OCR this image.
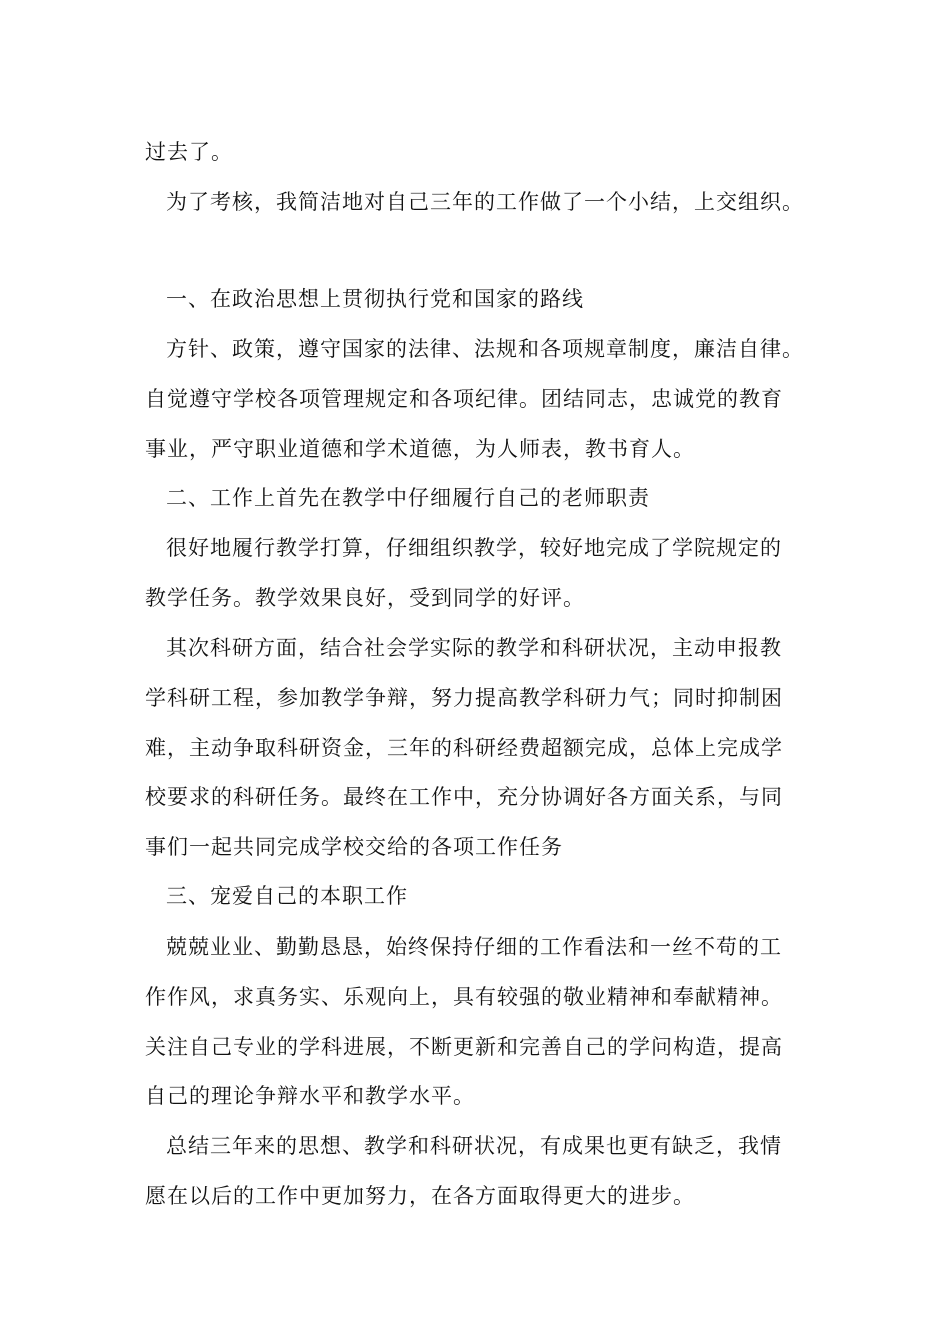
过去了。
为了考核，我简洁地对自己三年的工作做了一个小结，上交组织。
一、在政治思想上贯彻执行党和国家的路线
方针、政策，遵守国家的法律、法规和各项规章制度，廉洁自律。
自觉遵守学校各项管理规定和各项纪律。团结同志，忠诚党的教育
事业，严守职业道德和学术道德，为人师表，教书育人。
二、工作上首先在教学中仔细履行自己的老师职责
很好地履行教学打算，仔细组织教学，较好地完成了学院规定的
教学任务。教学效果良好，受到同学的好评。
其次科研方面，结合社会学实际的教学和科研状况，主动申报教
学科研工程，参加教学争辩，努力提高教学科研力气；同时抑制困
难，主动争取科研资金，三年的科研经费超额完成，总体上完成学
校要求的科研任务。最终在工作中，充分协调好各方面关系，与同
事们一起共同完成学校交给的各项工作任务
三、宠爱自己的本职工作
兢兢业业、勤勤恳恳，始终保持仔细的工作看法和一丝不苟的工
作作风，求真务实、乐观向上，具有较强的敬业精神和奉献精神。
关注自己专业的学科进展，不断更新和完善自己的学问构造，提高
自己的理论争辩水平和教学水平。
总结三年来的思想、教学和科研状况，有成果也更有缺乏，我情
愿在以后的工作中更加努力，在各方面取得更大的进步。
